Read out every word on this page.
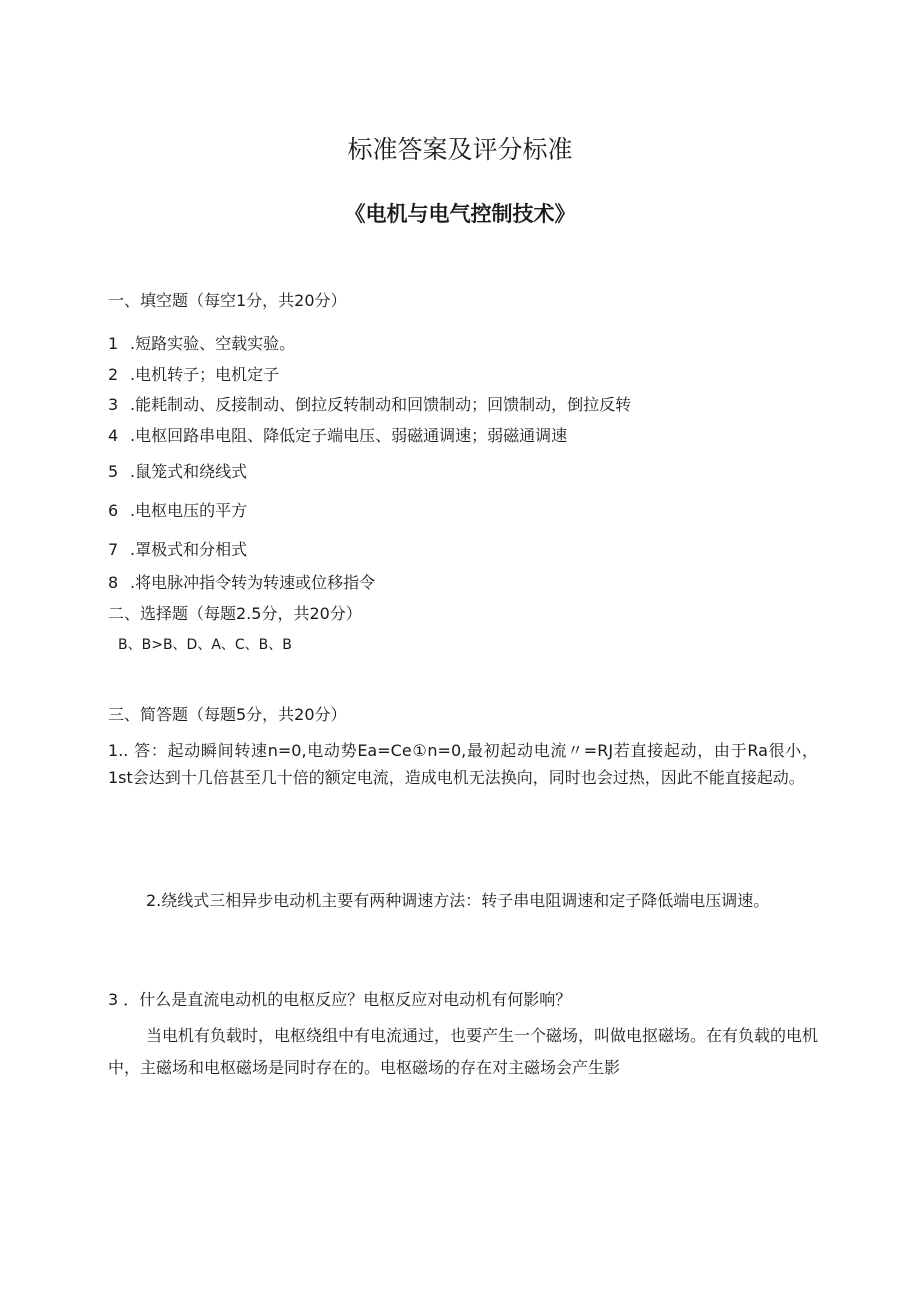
标准答案及评分标准
《电机与电气控制技术》
一、填空题（每空1分，共20分）
1 .短路实验、空载实验。
2 .电机转子；电机定子
3 .能耗制动、反接制动、倒拉反转制动和回馈制动；回馈制动，倒拉反转
4 .电枢回路串电阻、降低定子端电压、弱磁通调速；弱磁通调速
5 .鼠笼式和绕线式
6 .电枢电压的平方
7 .罩极式和分相式
8 .将电脉冲指令转为转速或位移指令
二、选择题（每题2.5分，共20分）
B、B>B、D、A、C、B、B
三、简答题（每题5分，共20分）
1.. 答：起动瞬间转速n=0,电动势Ea=Ce①n=0,最初起动电流〃=RJ若直接起动，由于Ra很小，1st会达到十几倍甚至几十倍的额定电流，造成电机无法换向，同时也会过热，因此不能直接起动。
2.绕线式三相异步电动机主要有两种调速方法：转子串电阻调速和定子降低端电压调速。
3 ．什么是直流电动机的电枢反应？电枢反应对电动机有何影响？
当电机有负载时，电枢绕组中有电流通过，也要产生一个磁场，叫做电抠磁场。在有负载的电机中，主磁场和电枢磁场是同时存在的。电枢磁场的存在对主磁场会产生影
